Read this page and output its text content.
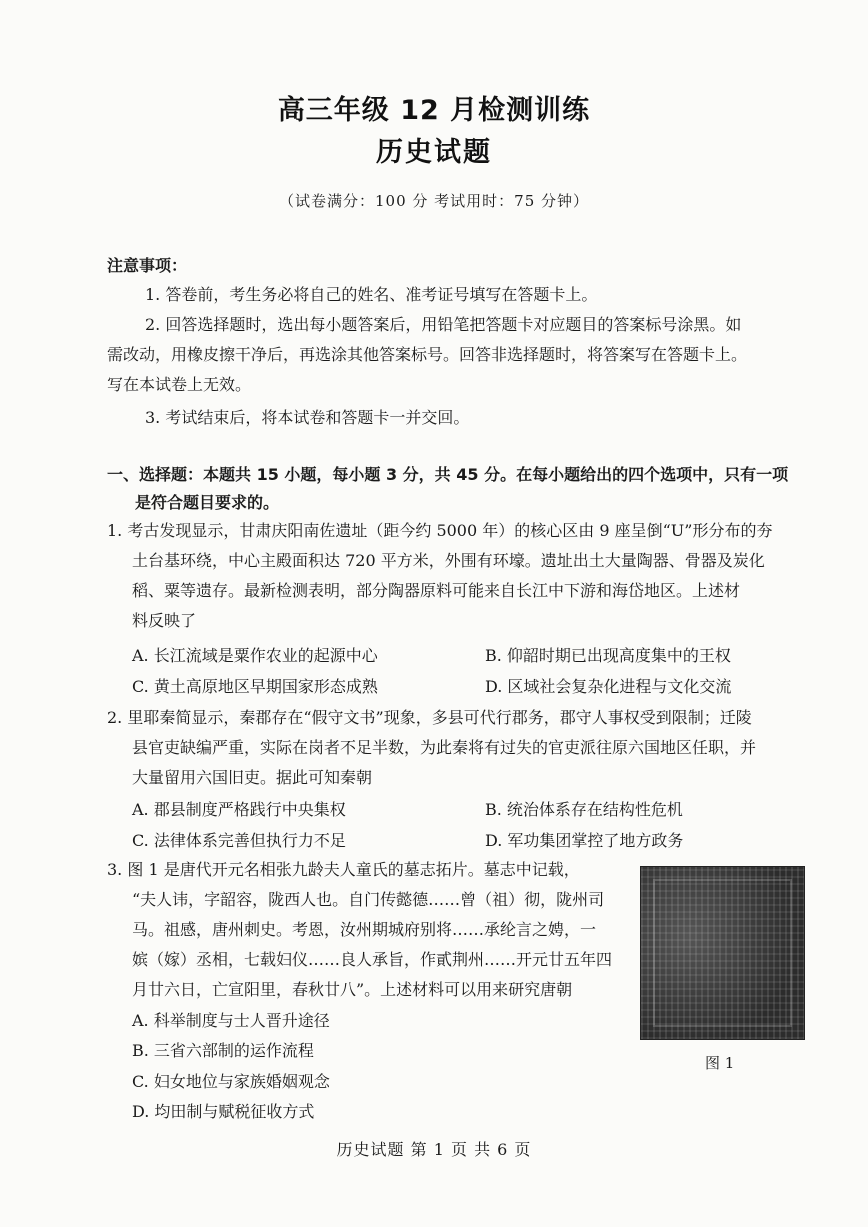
高三年级 12 月检测训练
历史试题
（试卷满分：100 分 考试用时：75 分钟）
注意事项：
1. 答卷前，考生务必将自己的姓名、准考证号填写在答题卡上。
2. 回答选择题时，选出每小题答案后，用铅笔把答题卡对应题目的答案标号涂黑。如
需改动，用橡皮擦干净后，再选涂其他答案标号。回答非选择题时，将答案写在答题卡上。
写在本试卷上无效。
3. 考试结束后，将本试卷和答题卡一并交回。
一、选择题：本题共 15 小题，每小题 3 分，共 45 分。在每小题给出的四个选项中，只有一项
是符合题目要求的。
1. 考古发现显示，甘肃庆阳南佐遗址（距今约 5000 年）的核心区由 9 座呈倒“U”形分布的夯
土台基环绕，中心主殿面积达 720 平方米，外围有环壕。遗址出土大量陶器、骨器及炭化
稻、粟等遗存。最新检测表明，部分陶器原料可能来自长江中下游和海岱地区。上述材
料反映了
A. 长江流域是粟作农业的起源中心	B. 仰韶时期已出现高度集中的王权
C. 黄土高原地区早期国家形态成熟	D. 区域社会复杂化进程与文化交流
2. 里耶秦简显示，秦郡存在“假守文书”现象，多县可代行郡务，郡守人事权受到限制；迁陵
县官吏缺编严重，实际在岗者不足半数，为此秦将有过失的官吏派往原六国地区任职，并
大量留用六国旧吏。据此可知秦朝
A. 郡县制度严格践行中央集权	B. 统治体系存在结构性危机
C. 法律体系完善但执行力不足	D. 军功集团掌控了地方政务
3. 图 1 是唐代开元名相张九龄夫人童氏的墓志拓片。墓志中记载，
“夫人讳，字韶容，陇西人也。自门传懿德……曾（祖）彻，陇州司
马。祖感，唐州刺史。考恩，汝州期城府别将……承纶言之娉，一
嫔（嫁）丞相，七载妇仪……良人承旨，作貳荆州……开元廿五年四
月廿六日，亡宣阳里，春秋廿八”。上述材料可以用来研究唐朝
A. 科举制度与士人晋升途径
B. 三省六部制的运作流程
C. 妇女地位与家族婚姻观念
D. 均田制与赋税征收方式
图 1
历史试题 第 1 页 共 6 页
